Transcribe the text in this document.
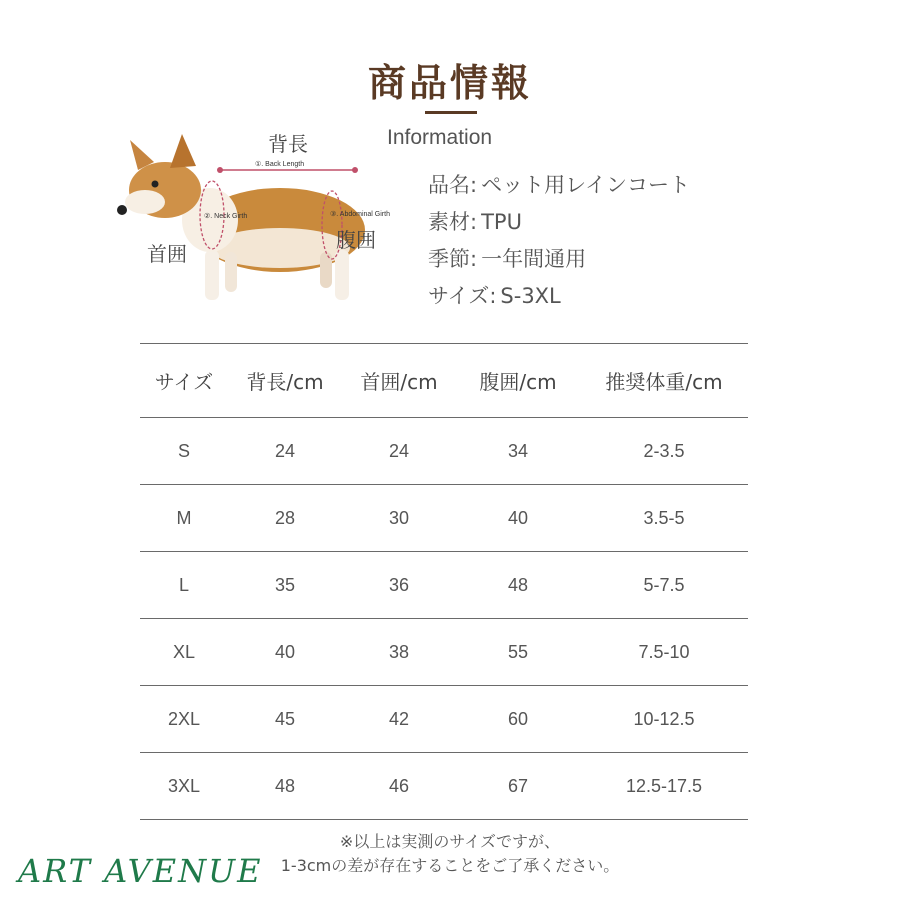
商品情報
Information
背長
首囲
腹囲
①. Back Length
②. Neck Girth	③. Abdominal Girth
品名: ペット用レインコート
素材: TPU
季節:一年間通用
サイズ: S-3XL
サイズ	背長/cm	首囲/cm	腹囲/cm	推奨体重/cm
S	24	24	34	2-3.5
M	28	30	40	3.5-5
L	35	36	48	5-7.5
XL	40	38	55	7.5-10
2XL	45	42	60	10-12.5
3XL	48	46	67	12.5-17.5
※以上は実測のサイズですが、
1-3cmの差が存在することをご了承ください。
ART AVENUE
